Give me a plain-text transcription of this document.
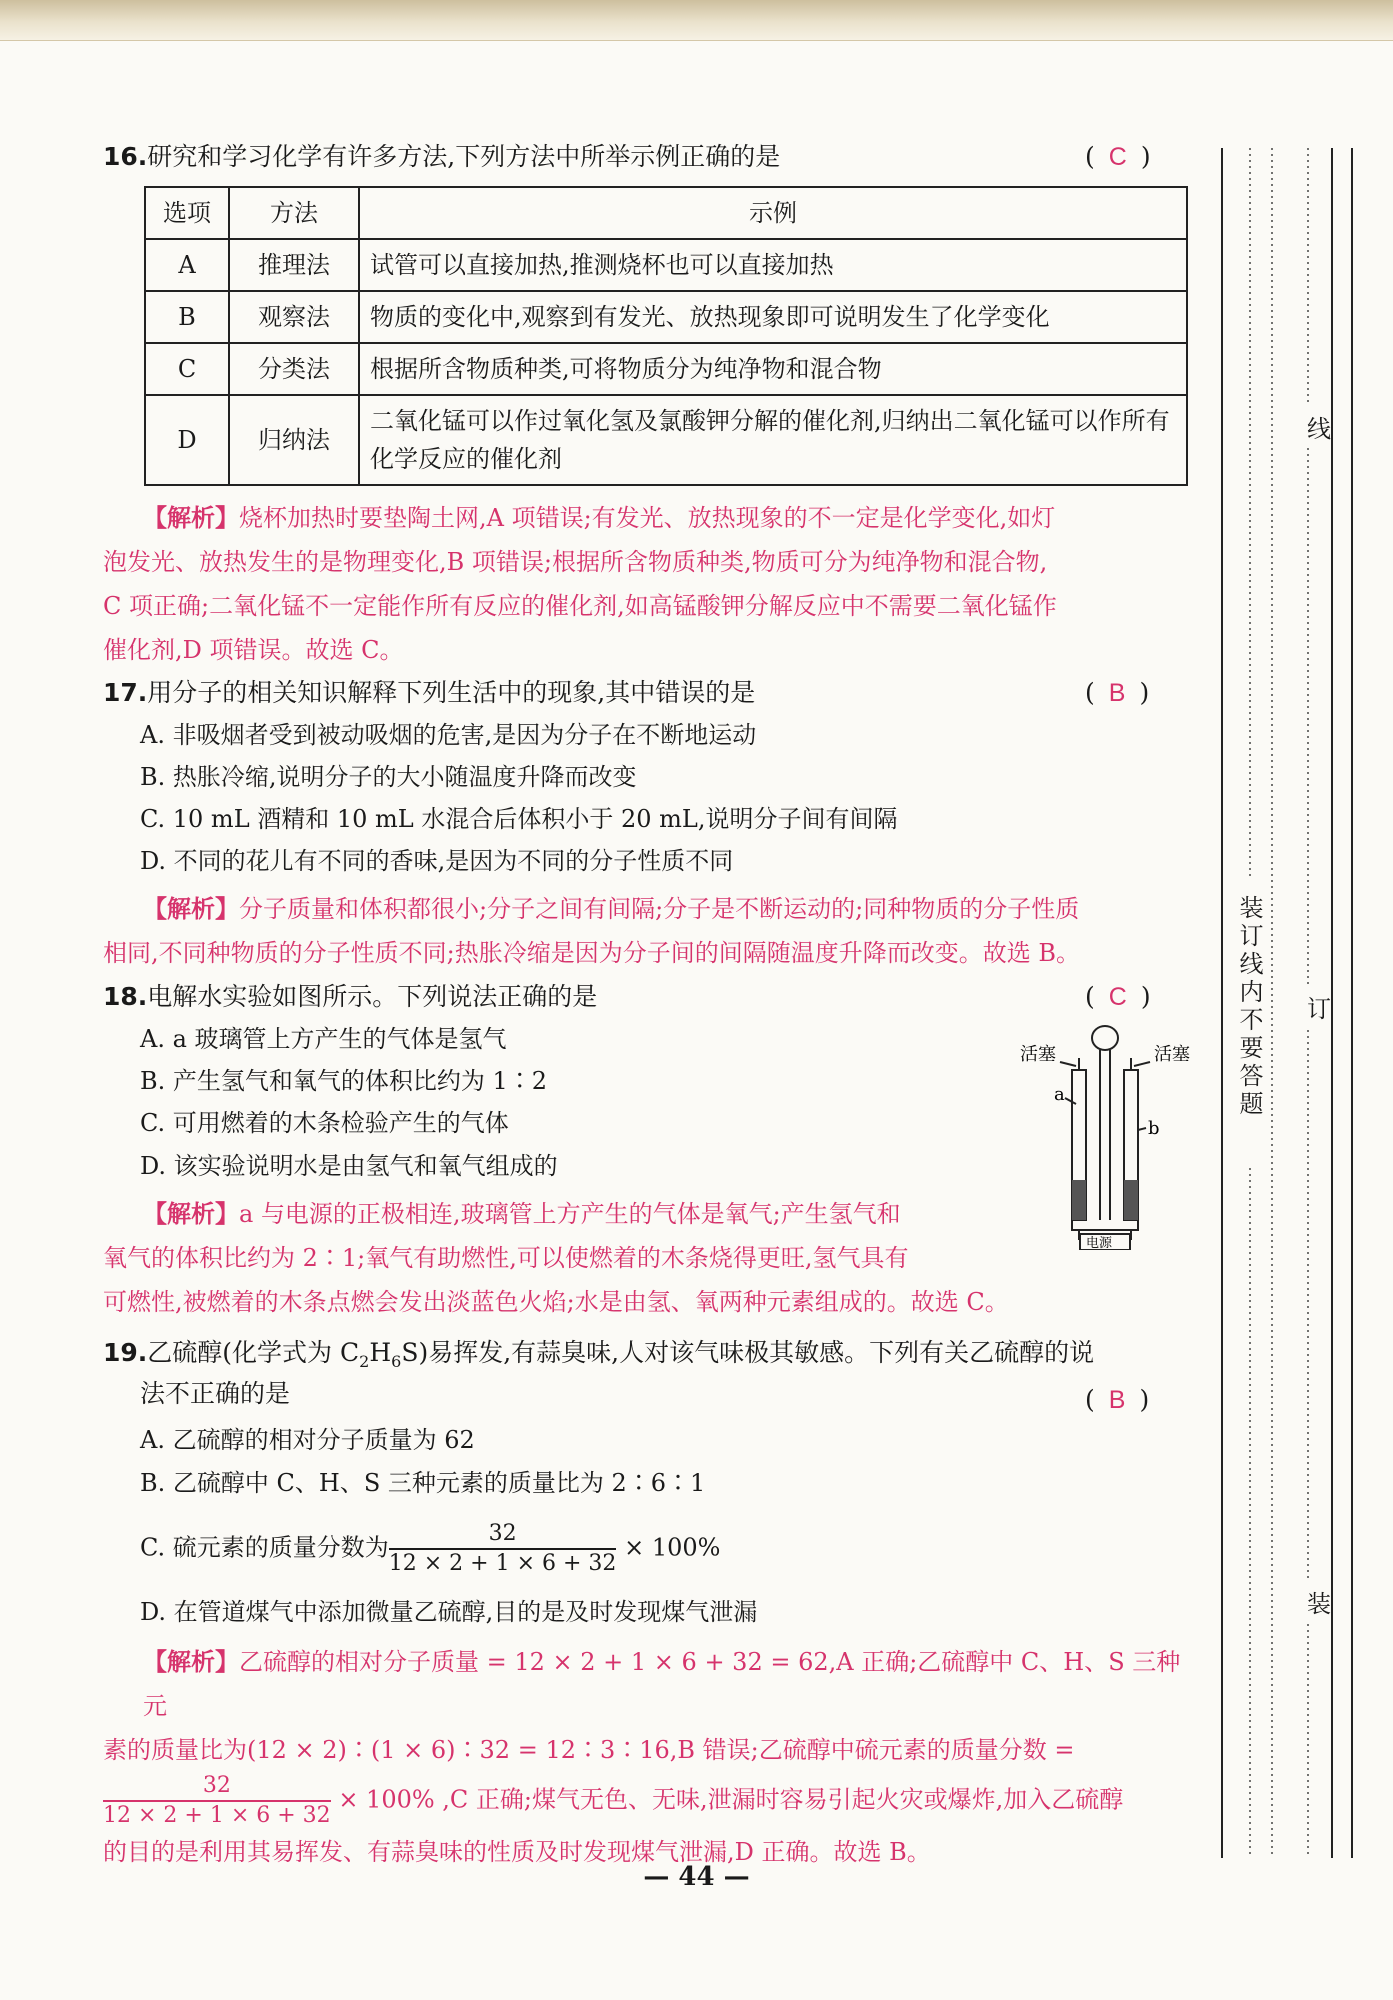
16.研究和学习化学有许多方法,下列方法中所举示例正确的是	( C )
选项	方法	示例
A	推理法	试管可以直接加热,推测烧杯也可以直接加热
B	观察法	物质的变化中,观察到有发光、放热现象即可说明发生了化学变化
C	分类法	根据所含物质种类,可将物质分为纯净物和混合物
D	归纳法	二氧化锰可以作过氧化氢及氯酸钾分解的催化剂,归纳出二氧化锰可以作所有化学反应的催化剂
【解析】烧杯加热时要垫陶土网,A 项错误;有发光、放热现象的不一定是化学变化,如灯
泡发光、放热发生的是物理变化,B 项错误;根据所含物质种类,物质可分为纯净物和混合物,
C 项正确;二氧化锰不一定能作所有反应的催化剂,如高锰酸钾分解反应中不需要二氧化锰作
催化剂,D 项错误。故选 C。
17.用分子的相关知识解释下列生活中的现象,其中错误的是	( B )
A. 非吸烟者受到被动吸烟的危害,是因为分子在不断地运动
B. 热胀冷缩,说明分子的大小随温度升降而改变
C. 10 mL 酒精和 10 mL 水混合后体积小于 20 mL,说明分子间有间隔
D. 不同的花儿有不同的香味,是因为不同的分子性质不同
【解析】分子质量和体积都很小;分子之间有间隔;分子是不断运动的;同种物质的分子性质
相同,不同种物质的分子性质不同;热胀冷缩是因为分子间的间隔随温度升降而改变。故选 B。
18.电解水实验如图所示。下列说法正确的是	( C )
A. a 玻璃管上方产生的气体是氢气
B. 产生氢气和氧气的体积比约为 1∶2
C. 可用燃着的木条检验产生的气体
D. 该实验说明水是由氢气和氧气组成的
活塞	活塞
a
b
电源
【解析】a 与电源的正极相连,玻璃管上方产生的气体是氧气;产生氢气和
氧气的体积比约为 2∶1;氧气有助燃性,可以使燃着的木条烧得更旺,氢气具有
可燃性,被燃着的木条点燃会发出淡蓝色火焰;水是由氢、氧两种元素组成的。故选 C。
19.乙硫醇(化学式为 $C_2H_6S$)易挥发,有蒜臭味,人对该气味极其敏感。下列有关乙硫醇的说
法不正确的是	( B )
A. 乙硫醇的相对分子质量为 62
B. 乙硫醇中 C、H、S 三种元素的质量比为 2∶6∶1
C. 硫元素的质量分数为 $\frac{32}{12 \times 2 + 1 \times 6 + 32} \times 100\%$
D. 在管道煤气中添加微量乙硫醇,目的是及时发现煤气泄漏
【解析】乙硫醇的相对分子质量 = 12 × 2 + 1 × 6 + 32 = 62,A 正确;乙硫醇中 C、H、S 三种元
素的质量比为(12 × 2)∶(1 × 6)∶32 = 12∶3∶16,B 错误;乙硫醇中硫元素的质量分数 =
$\frac{32}{12 \times 2 + 1 \times 6 + 32} \times 100\%$ ,C 正确;煤气无色、无味,泄漏时容易引起火灾或爆炸,加入乙硫醇
的目的是利用其易挥发、有蒜臭味的性质及时发现煤气泄漏,D 正确。故选 B。
— 44 —
装订线内不要答题
线
订
装
